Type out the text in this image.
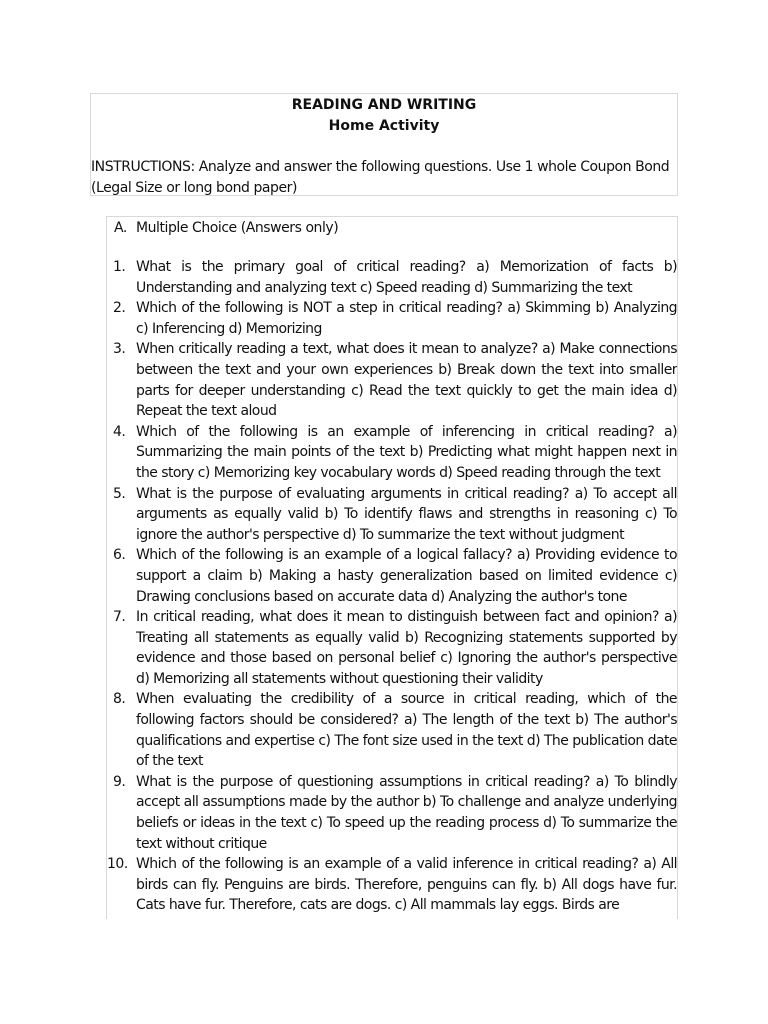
READING AND WRITING
Home Activity
INSTRUCTIONS: Analyze and answer the following questions. Use 1 whole Coupon Bond (Legal Size or long bond paper)
A. Multiple Choice (Answers only)
1. What is the primary goal of critical reading? a) Memorization of facts b) Understanding and analyzing text c) Speed reading d) Summarizing the text
2. Which of the following is NOT a step in critical reading? a) Skimming b) Analyzing c) Inferencing d) Memorizing
3. When critically reading a text, what does it mean to analyze? a) Make connections between the text and your own experiences b) Break down the text into smaller parts for deeper understanding c) Read the text quickly to get the main idea d) Repeat the text aloud
4. Which of the following is an example of inferencing in critical reading? a) Summarizing the main points of the text b) Predicting what might happen next in the story c) Memorizing key vocabulary words d) Speed reading through the text
5. What is the purpose of evaluating arguments in critical reading? a) To accept all arguments as equally valid b) To identify flaws and strengths in reasoning c) To ignore the author's perspective d) To summarize the text without judgment
6. Which of the following is an example of a logical fallacy? a) Providing evidence to support a claim b) Making a hasty generalization based on limited evidence c) Drawing conclusions based on accurate data d) Analyzing the author's tone
7. In critical reading, what does it mean to distinguish between fact and opinion? a) Treating all statements as equally valid b) Recognizing statements supported by evidence and those based on personal belief c) Ignoring the author's perspective d) Memorizing all statements without questioning their validity
8. When evaluating the credibility of a source in critical reading, which of the following factors should be considered? a) The length of the text b) The author's qualifications and expertise c) The font size used in the text d) The publication date of the text
9. What is the purpose of questioning assumptions in critical reading? a) To blindly accept all assumptions made by the author b) To challenge and analyze underlying beliefs or ideas in the text c) To speed up the reading process d) To summarize the text without critique
10. Which of the following is an example of a valid inference in critical reading? a) All birds can fly. Penguins are birds. Therefore, penguins can fly. b) All dogs have fur. Cats have fur. Therefore, cats are dogs. c) All mammals lay eggs. Birds are
